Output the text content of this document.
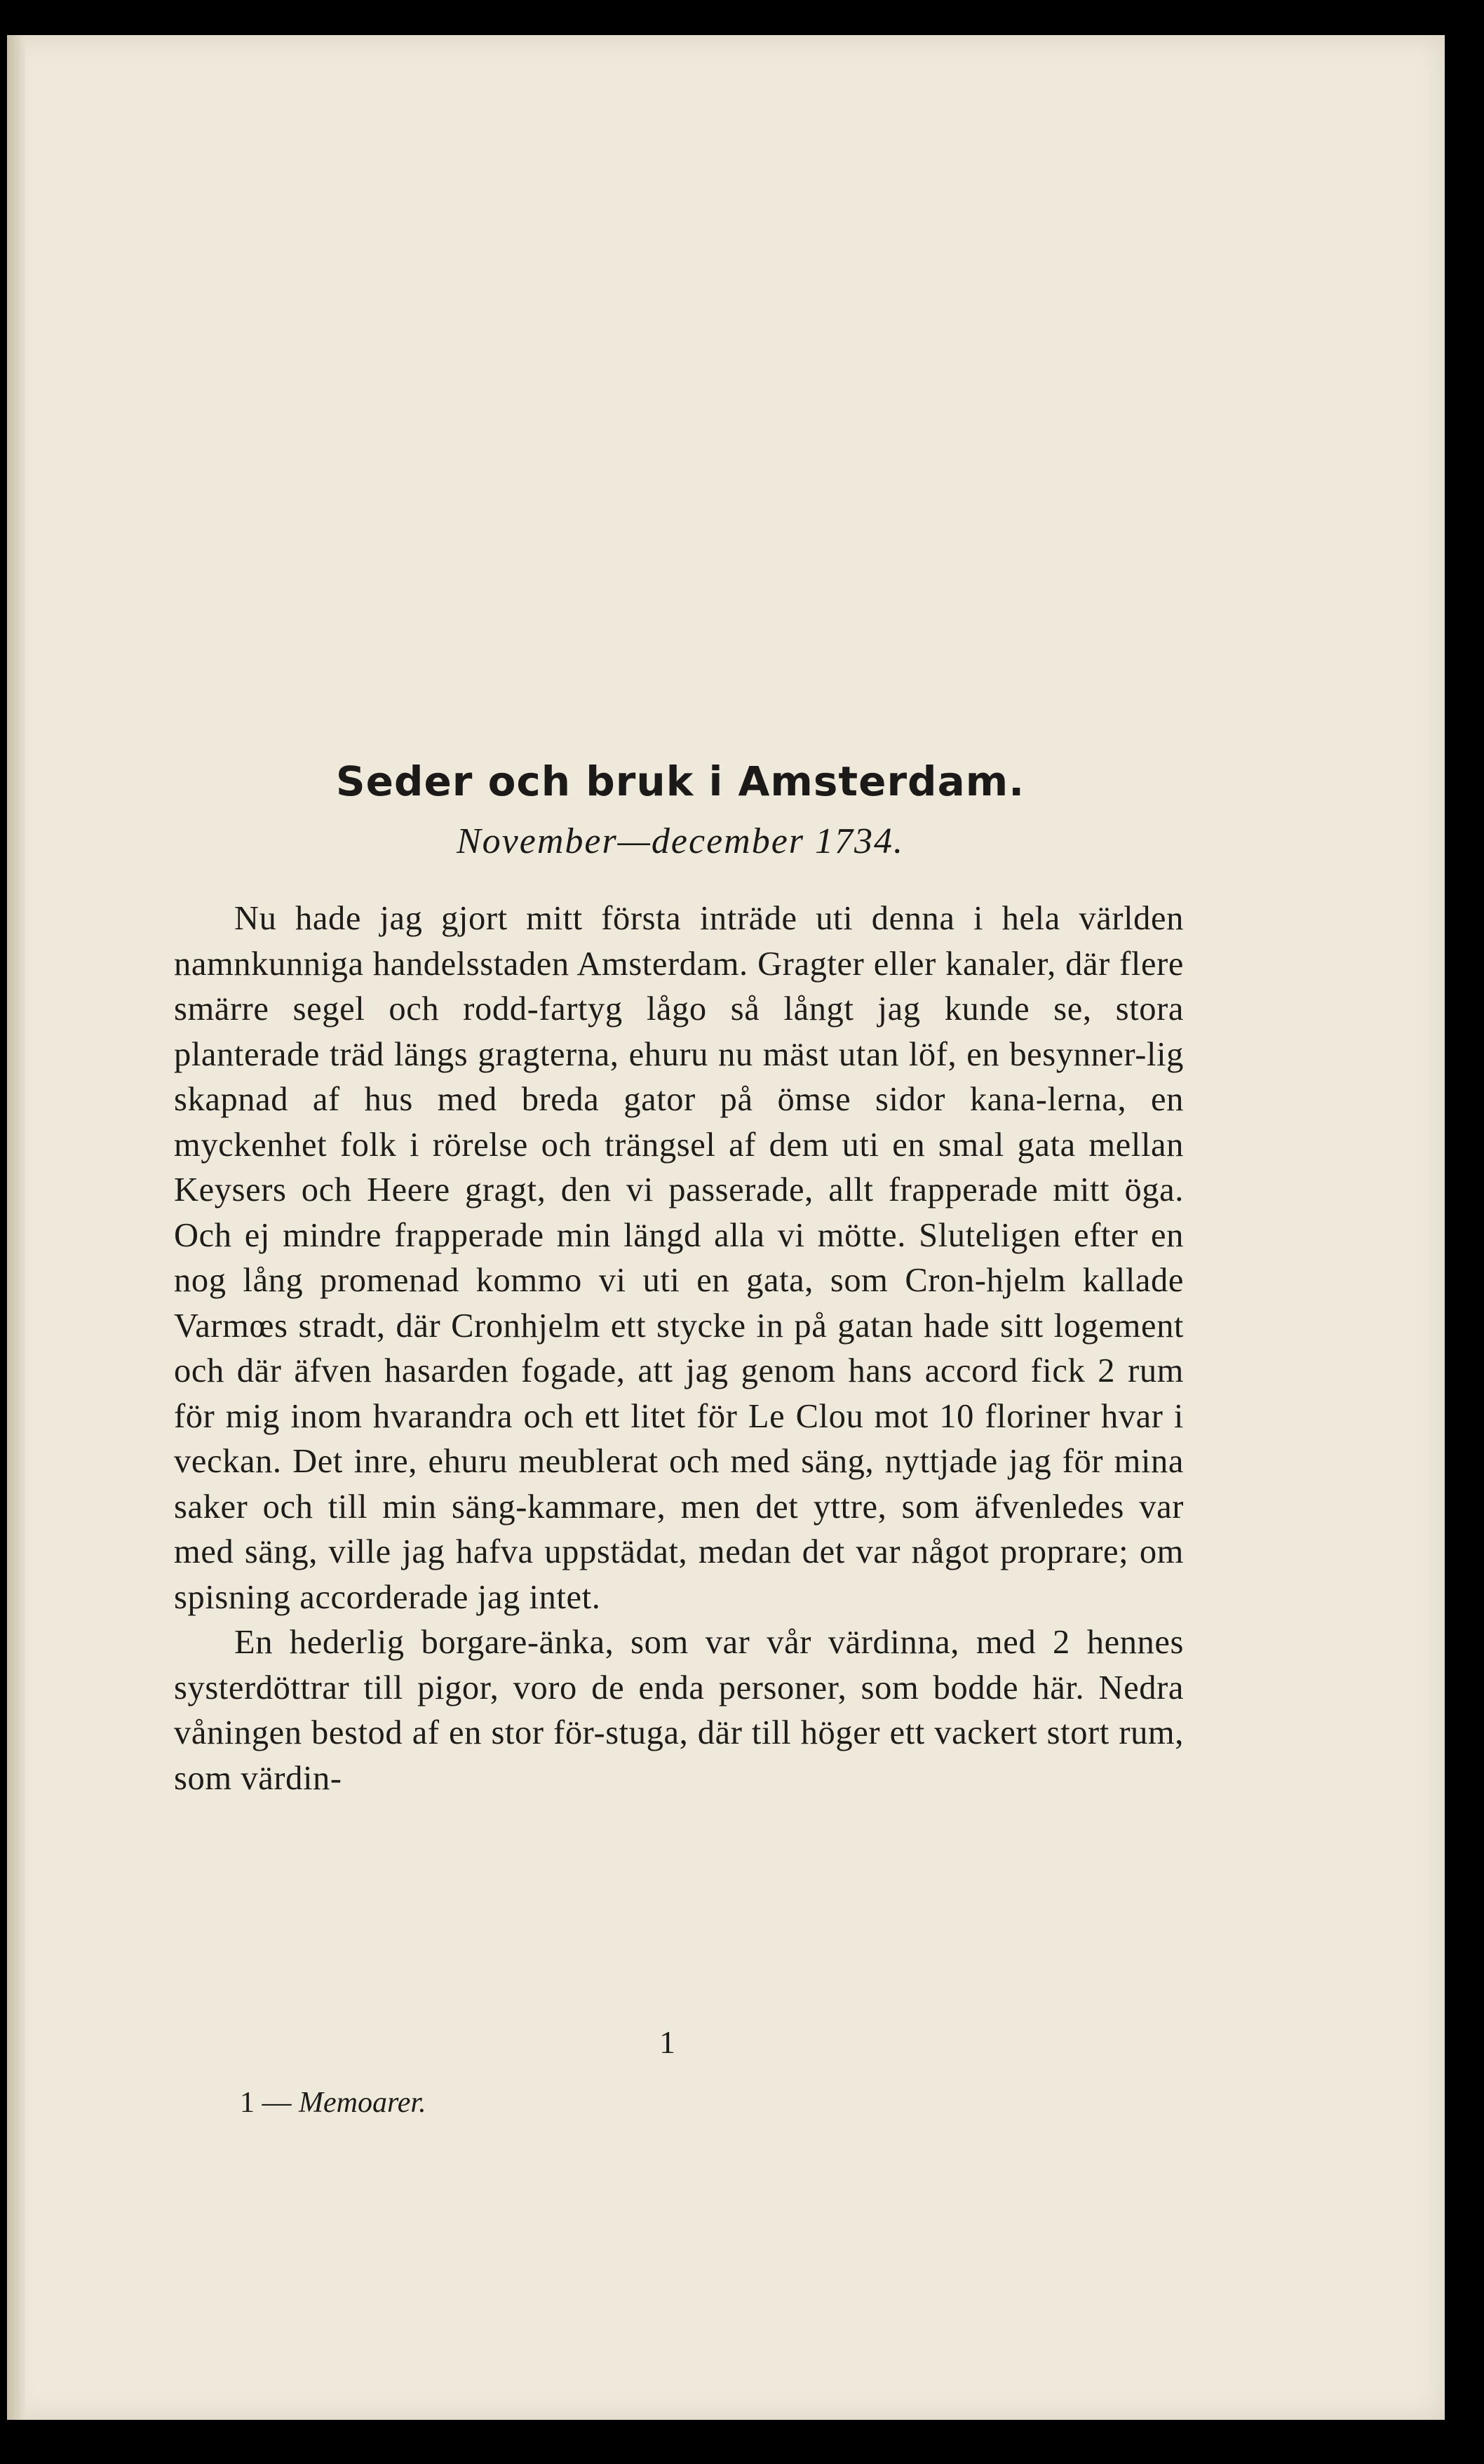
Seder och bruk i Amsterdam.

November—december 1734.

Nu hade jag gjort mitt första inträde uti denna i hela världen namnkunniga handelsstaden Amsterdam. Gragter eller kanaler, där flere smärre segel och rodd-fartyg lågo så långt jag kunde se, stora planterade träd längs gragterna, ehuru nu mäst utan löf, en besynner-lig skapnad af hus med breda gator på ömse sidor kana-lerna, en myckenhet folk i rörelse och trängsel af dem uti en smal gata mellan Keysers och Heere gragt, den vi passerade, allt frapperade mitt öga. Och ej mindre frapperade min längd alla vi mötte. Sluteligen efter en nog lång promenad kommo vi uti en gata, som Cron-hjelm kallade Varmœs stradt, där Cronhjelm ett stycke in på gatan hade sitt logement och där äfven hasarden fogade, att jag genom hans accord fick 2 rum för mig inom hvarandra och ett litet för Le Clou mot 10 floriner hvar i veckan. Det inre, ehuru meublerat och med säng, nyttjade jag för mina saker och till min säng-kammare, men det yttre, som äfvenledes var med säng, ville jag hafva uppstädat, medan det var något proprare; om spisning accorderade jag intet.

En hederlig borgare-änka, som var vår värdinna, med 2 hennes systerdöttrar till pigor, voro de enda personer, som bodde här. Nedra våningen bestod af en stor för-stuga, där till höger ett vackert stort rum, som värdin-

1
1 — Memoarer.
